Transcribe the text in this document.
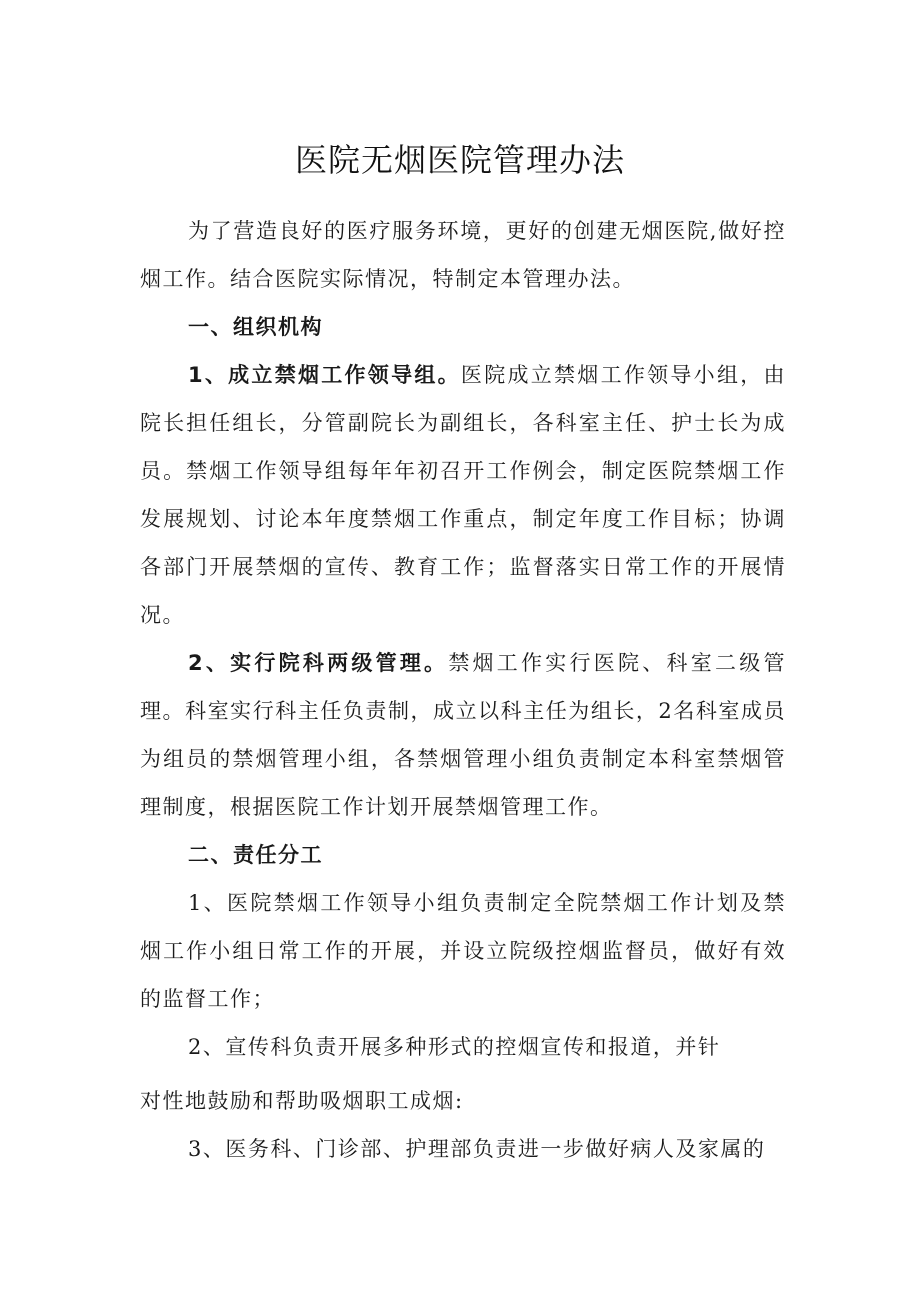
医院无烟医院管理办法

为了营造良好的医疗服务环境，更好的创建无烟医院,做好控烟工作。结合医院实际情况，特制定本管理办法。

一、组织机构

1、成立禁烟工作领导组。医院成立禁烟工作领导小组，由院长担任组长，分管副院长为副组长，各科室主任、护士长为成员。禁烟工作领导组每年年初召开工作例会，制定医院禁烟工作发展规划、讨论本年度禁烟工作重点，制定年度工作目标；协调各部门开展禁烟的宣传、教育工作；监督落实日常工作的开展情况。

2、实行院科两级管理。禁烟工作实行医院、科室二级管理。科室实行科主任负责制，成立以科主任为组长，2名科室成员为组员的禁烟管理小组，各禁烟管理小组负责制定本科室禁烟管理制度，根据医院工作计划开展禁烟管理工作。

二、责任分工

1、医院禁烟工作领导小组负责制定全院禁烟工作计划及禁烟工作小组日常工作的开展，并设立院级控烟监督员，做好有效的监督工作；

2、宣传科负责开展多种形式的控烟宣传和报道，并针

对性地鼓励和帮助吸烟职工成烟:

3、医务科、门诊部、护理部负责进一步做好病人及家属的
